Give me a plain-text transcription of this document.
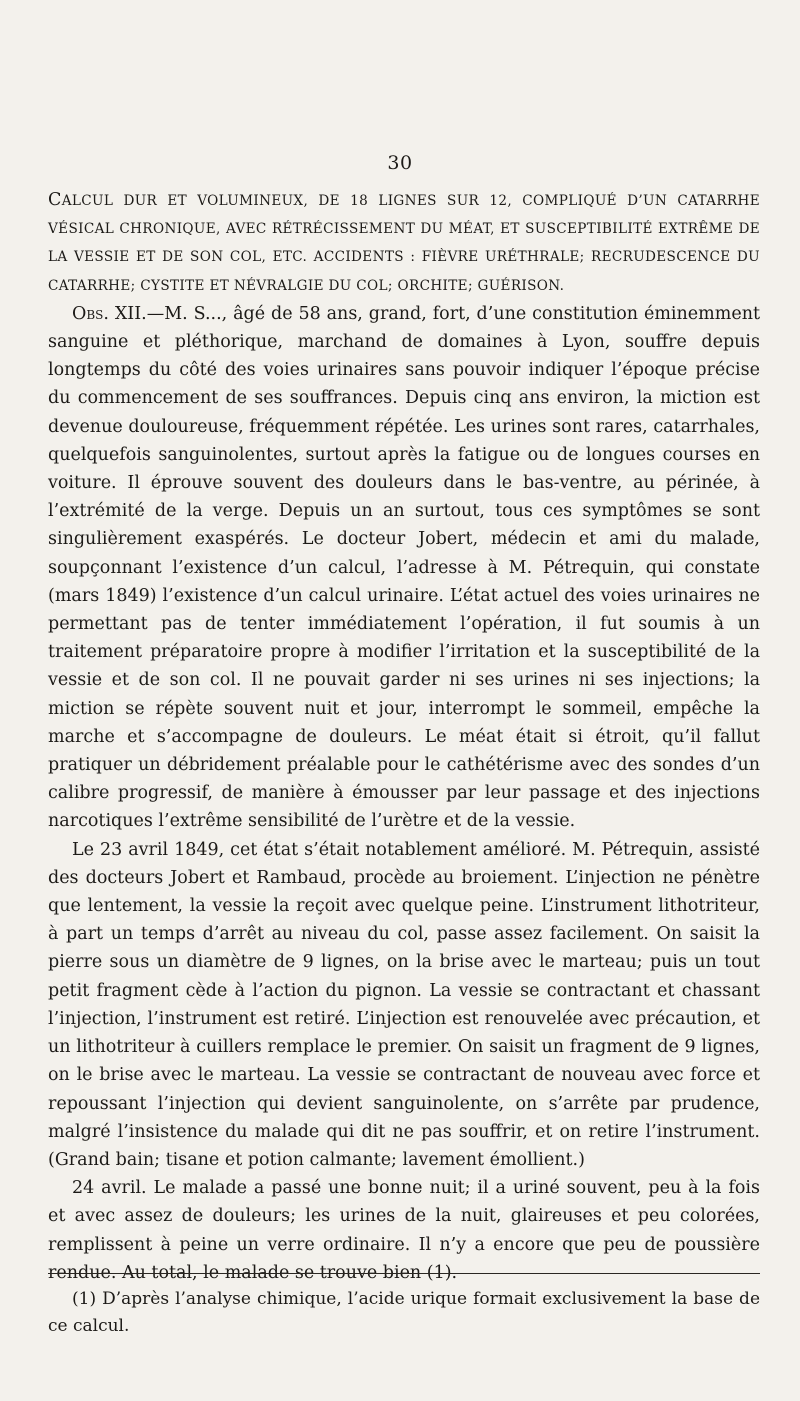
30

CALCUL DUR ET VOLUMINEUX, DE 18 LIGNES SUR 12, COMPLIQUÉ D’UN CATARRHE VÉSICAL CHRONIQUE, AVEC RÉTRÉCISSEMENT DU MÉAT, ET SUSCEPTIBILITÉ EXTRÊME DE LA VESSIE ET DE SON COL, ETC. ACCIDENTS : FIÈVRE URÉTHRALE; RECRUDESCENCE DU CATARRHE; CYSTITE ET NÉVRALGIE DU COL; ORCHITE; GUÉRISON.

Obs. XII.—M. S..., âgé de 58 ans, grand, fort, d’une constitution éminemment sanguine et pléthorique, marchand de domaines à Lyon, souffre depuis longtemps du côté des voies urinaires sans pouvoir indiquer l’époque précise du commencement de ses souffrances. Depuis cinq ans environ, la miction est devenue douloureuse, fréquemment répétée. Les urines sont rares, catarrhales, quelquefois sanguinolentes, surtout après la fatigue ou de longues courses en voiture. Il éprouve souvent des douleurs dans le bas-ventre, au périnée, à l’extrémité de la verge. Depuis un an surtout, tous ces symptômes se sont singulièrement exaspérés. Le docteur Jobert, médecin et ami du malade, soupçonnant l’existence d’un calcul, l’adresse à M. Pétrequin, qui constate (mars 1849) l’existence d’un calcul urinaire. L’état actuel des voies urinaires ne permettant pas de tenter immédiatement l’opération, il fut soumis à un traitement préparatoire propre à modifier l’irritation et la susceptibilité de la vessie et de son col. Il ne pouvait garder ni ses urines ni ses injections; la miction se répète souvent nuit et jour, interrompt le sommeil, empêche la marche et s’accompagne de douleurs. Le méat était si étroit, qu’il fallut pratiquer un débridement préalable pour le cathétérisme avec des sondes d’un calibre progressif, de manière à émousser par leur passage et des injections narcotiques l’extrême sensibilité de l’urètre et de la vessie.

Le 23 avril 1849, cet état s’était notablement amélioré. M. Pétrequin, assisté des docteurs Jobert et Rambaud, procède au broiement. L’injection ne pénètre que lentement, la vessie la reçoit avec quelque peine. L’instrument lithotriteur, à part un temps d’arrêt au niveau du col, passe assez facilement. On saisit la pierre sous un diamètre de 9 lignes, on la brise avec le marteau; puis un tout petit fragment cède à l’action du pignon. La vessie se contractant et chassant l’injection, l’instrument est retiré. L’injection est renouvelée avec précaution, et un lithotriteur à cuillers remplace le premier. On saisit un fragment de 9 lignes, on le brise avec le marteau. La vessie se contractant de nouveau avec force et repoussant l’injection qui devient sanguinolente, on s’arrête par prudence, malgré l’insistence du malade qui dit ne pas souffrir, et on retire l’instrument. (Grand bain; tisane et potion calmante; lavement émollient.)

24 avril. Le malade a passé une bonne nuit; il a uriné souvent, peu à la fois et avec assez de douleurs; les urines de la nuit, glaireuses et peu colorées, remplissent à peine un verre ordinaire. Il n’y a encore que peu de poussière rendue. Au total, le malade se trouve bien (1).

(1) D’après l’analyse chimique, l’acide urique formait exclusivement la base de ce calcul.
